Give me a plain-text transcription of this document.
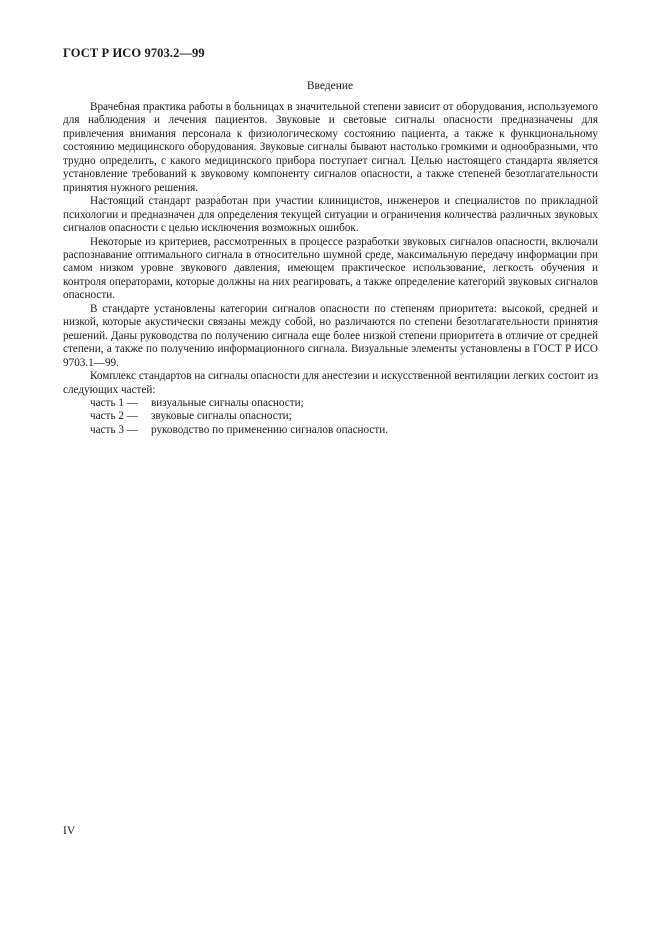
ГОСТ Р ИСО 9703.2—99
Введение

Врачебная практика работы в больницах в значительной степени зависит от оборудования, используемого для наблюдения и лечения пациентов. Звуковые и световые сигналы опасности предназначены для привлечения внимания персонала к физиологическому состоянию пациента, а также к функциональному состоянию медицинского оборудования. Звуковые сигналы бывают настолько громкими и однообразными, что трудно определить, с какого медицинского прибора поступает сигнал. Целью настоящего стандарта является установление требований к звуковому компоненту сигналов опасности, а также степеней безотлагательности принятия нужного решения.

Настоящий стандарт разработан при участии клиницистов, инженеров и специалистов по прикладной психологии и предназначен для определения текущей ситуации и ограничения количества различных звуковых сигналов опасности с целью исключения возможных ошибок.

Некоторые из критериев, рассмотренных в процессе разработки звуковых сигналов опасности, включали распознавание оптимального сигнала в относительно шумной среде, максимальную передачу информации при самом низком уровне звукового давления, имеющем практическое использование, легкость обучения и контроля операторами, которые должны на них реагировать, а также определение категорий звуковых сигналов опасности.

В стандарте установлены категории сигналов опасности по степеням приоритета: высокой, средней и низкой, которые акустически связаны между собой, но различаются по степени безотлагательности принятия решений. Даны руководства по получению сигнала еще более низкой степени приоритета в отличие от средней степени, а также по получению информационного сигнала. Визуальные элементы установлены в ГОСТ Р ИСО 9703.1—99.

Комплекс стандартов на сигналы опасности для анестезии и искусственной вентиляции легких состоит из следующих частей:

часть 1 — визуальные сигналы опасности;
часть 2 — звуковые сигналы опасности;
часть 3 — руководство по применению сигналов опасности.
IV
